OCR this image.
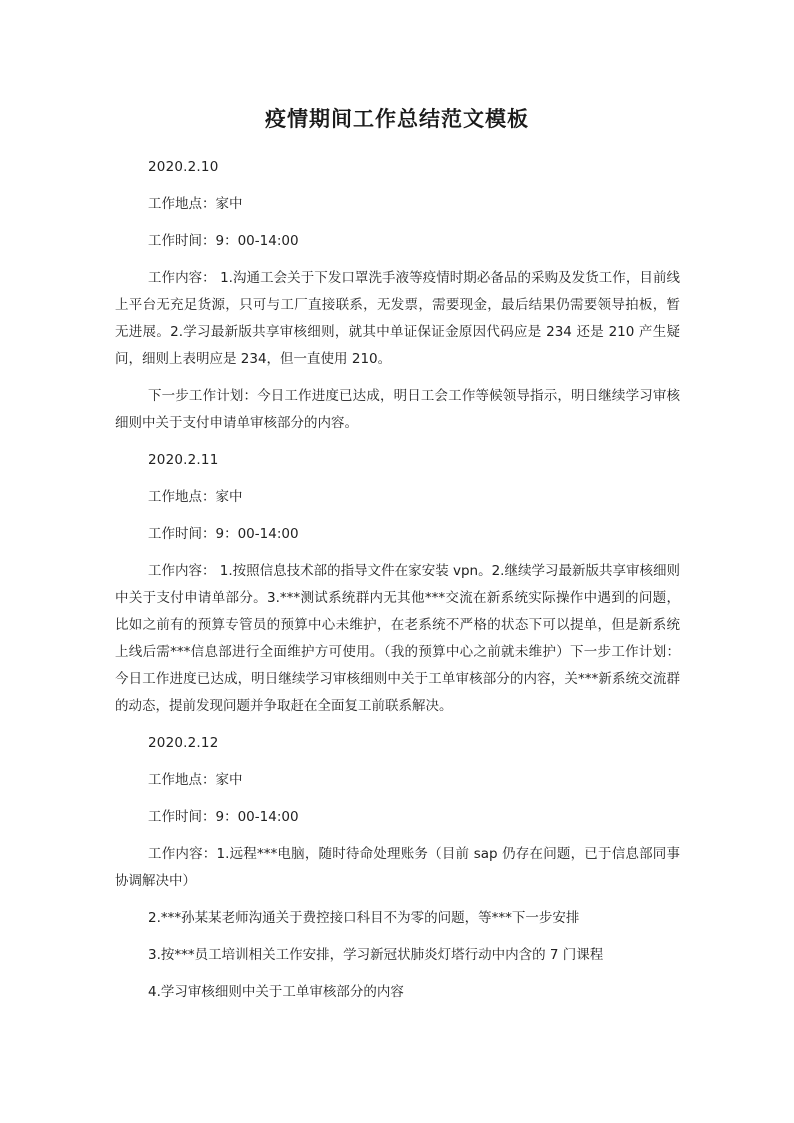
疫情期间工作总结范文模板

2020.2.10

工作地点：家中

工作时间：9：00-14:00

工作内容： 1.沟通工会关于下发口罩洗手液等疫情时期必备品的采购及发货工作，目前线上平台无充足货源，只可与工厂直接联系，无发票，需要现金，最后结果仍需要领导拍板，暂无进展。2.学习最新版共享审核细则，就其中单证保证金原因代码应是 234 还是 210 产生疑问，细则上表明应是 234，但一直使用 210。

下一步工作计划：今日工作进度已达成，明日工会工作等候领导指示，明日继续学习审核细则中关于支付申请单审核部分的内容。

2020.2.11

工作地点：家中

工作时间：9：00-14:00

工作内容： 1.按照信息技术部的指导文件在家安装 vpn。2.继续学习最新版共享审核细则中关于支付申请单部分。3.***测试系统群内无其他***交流在新系统实际操作中遇到的问题，比如之前有的预算专管员的预算中心未维护，在老系统不严格的状态下可以提单，但是新系统上线后需***信息部进行全面维护方可使用。（我的预算中心之前就未维护）下一步工作计划：今日工作进度已达成，明日继续学习审核细则中关于工单审核部分的内容，关***新系统交流群的动态，提前发现问题并争取赶在全面复工前联系解决。

2020.2.12

工作地点：家中

工作时间：9：00-14:00

工作内容：1.远程***电脑，随时待命处理账务（目前 sap 仍存在问题，已于信息部同事协调解决中）

2.***孙某某老师沟通关于费控接口科目不为零的问题，等***下一步安排

3.按***员工培训相关工作安排，学习新冠状肺炎灯塔行动中内含的 7 门课程

4.学习审核细则中关于工单审核部分的内容
